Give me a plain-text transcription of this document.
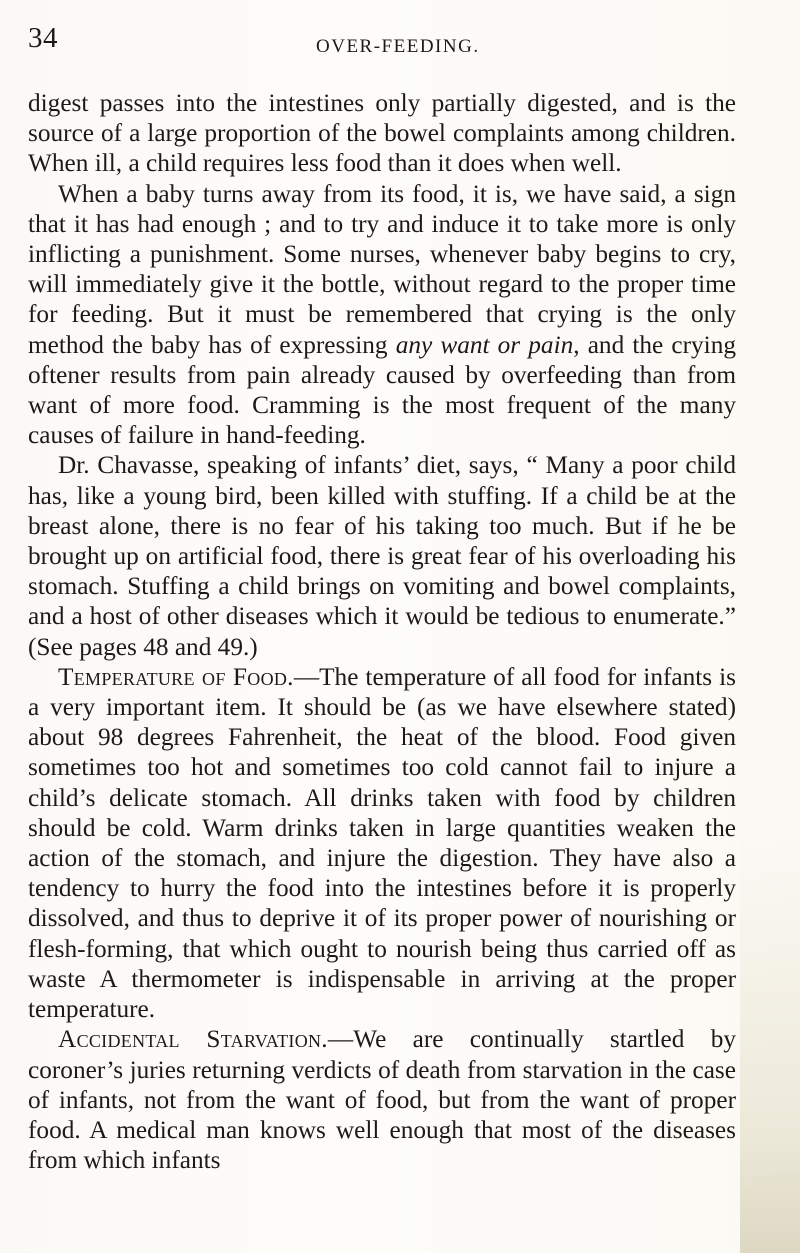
34	OVER-FEEDING.

digest passes into the intestines only partially digested, and is the source of a large proportion of the bowel complaints among children. When ill, a child requires less food than it does when well.

When a baby turns away from its food, it is, we have said, a sign that it has had enough ; and to try and induce it to take more is only inflicting a punishment. Some nurses, whenever baby begins to cry, will immediately give it the bottle, without regard to the proper time for feeding. But it must be remembered that crying is the only method the baby has of expressing any want or pain, and the crying oftener results from pain already caused by overfeeding than from want of more food. Cramming is the most frequent of the many causes of failure in hand-feeding.

Dr. Chavasse, speaking of infants’ diet, says, “ Many a poor child has, like a young bird, been killed with stuffing. If a child be at the breast alone, there is no fear of his taking too much. But if he be brought up on artificial food, there is great fear of his overloading his stomach. Stuffing a child brings on vomiting and bowel complaints, and a host of other diseases which it would be tedious to enumerate.” (See pages 48 and 49.)

Temperature of Food.—The temperature of all food for infants is a very important item. It should be (as we have elsewhere stated) about 98 degrees Fahrenheit, the heat of the blood. Food given sometimes too hot and sometimes too cold cannot fail to injure a child’s delicate stomach. All drinks taken with food by children should be cold. Warm drinks taken in large quantities weaken the action of the stomach, and injure the digestion. They have also a tendency to hurry the food into the intestines before it is properly dissolved, and thus to deprive it of its proper power of nourishing or flesh-forming, that which ought to nourish being thus carried off as waste A thermometer is indispensable in arriving at the proper temperature.

Accidental Starvation.—We are continually startled by coroner’s juries returning verdicts of death from starvation in the case of infants, not from the want of food, but from the want of proper food. A medical man knows well enough that most of the diseases from which infants
